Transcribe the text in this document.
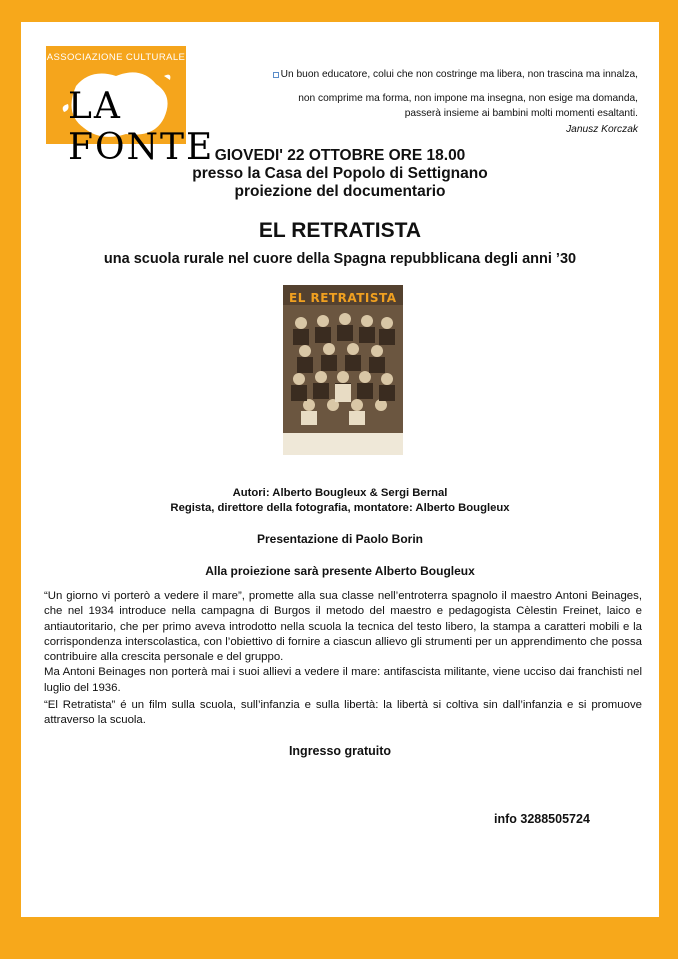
ASSOCIAZIONE CULTURALE
LA FONTE
Un buon educatore, colui che non costringe ma libera, non trascina ma innalza,
non comprime ma forma, non impone ma insegna, non esige ma domanda,
passerà insieme ai bambini molti momenti esaltanti.
Janusz Korczak
GIOVEDI' 22 OTTOBRE ORE 18.00
presso la Casa del Popolo di Settignano
proiezione del documentario
EL RETRATISTA
una scuola rurale nel cuore della Spagna repubblicana degli anni ’30
EL RETRATISTA
Autori: Alberto Bougleux & Sergi Bernal
Regista, direttore della fotografia, montatore: Alberto Bougleux
Presentazione di Paolo Borin
Alla proiezione sarà presente Alberto Bougleux

“Un giorno vi porterò a vedere il mare”, promette alla sua classe nell’entroterra spagnolo il maestro Antoni Beinages, che nel 1934 introduce nella campagna di Burgos il metodo del maestro e pedagogista Cèlestin Freinet, laico e antiautoritario, che per primo aveva introdotto nella scuola la tecnica del testo libero, la stampa a caratteri mobili e la corrispondenza interscolastica, con l’obiettivo di fornire a ciascun allievo gli strumenti per un apprendimento che possa contribuire alla crescita personale e del gruppo.

Ma Antoni Beinages non porterà mai i suoi allievi a vedere il mare: antifascista militante, viene ucciso dai franchisti nel luglio del 1936.

“El Retratista” é un film sulla scuola, sull’infanzia e sulla libertà: la libertà si coltiva sin dall’infanzia e si promuove attraverso la scuola.

Ingresso gratuito
info 3288505724
